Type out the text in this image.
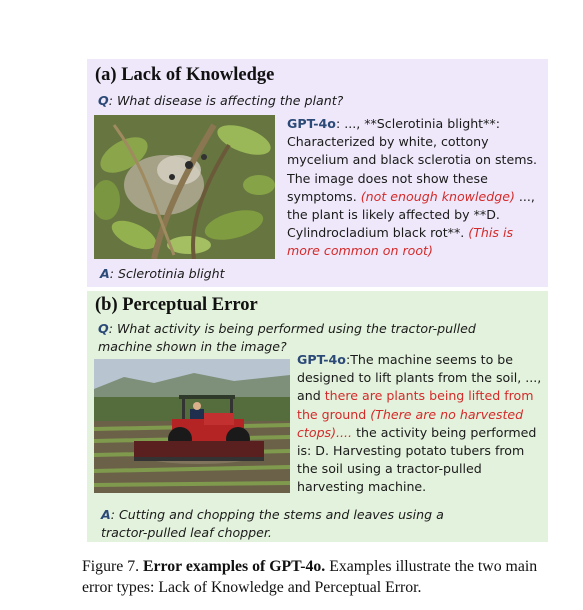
(a) Lack of Knowledge
Q: What disease is affecting the plant?
GPT-4o: ..., **Sclerotinia blight**: Characterized by white, cottony mycelium and black sclerotia on stems. The image does not show these symptoms. (not enough knowledge) ..., the plant is likely affected by **D. Cylindrocladium black rot**. (This is more common on root)
A: Sclerotinia blight
(b) Perceptual Error
Q: What activity is being performed using the tractor-pulled machine shown in the image?
GPT-4o:The machine seems to be designed to lift plants from the soil, ..., and there are plants being lifted from the ground (There are no harvested ctops).... the activity being performed is: D. Harvesting potato tubers from the soil using a tractor-pulled harvesting machine.
A: Cutting and chopping the stems and leaves using a tractor-pulled leaf chopper.
Figure 7. Error examples of GPT-4o. Examples illustrate the two main error types: Lack of Knowledge and Perceptual Error.
